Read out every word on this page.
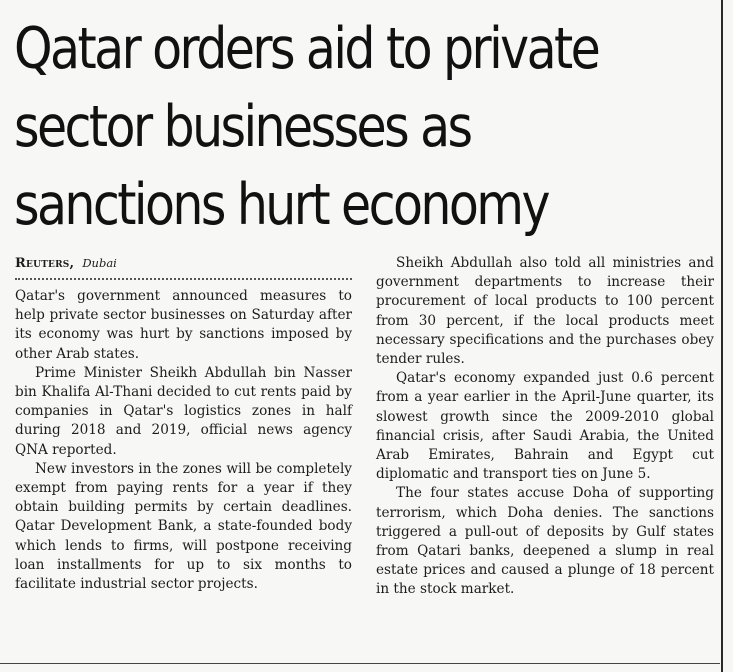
Qatar orders aid to private
sector businesses as
sanctions hurt economy
Reuters, Dubai

Qatar's government announced measures to help private sector businesses on Saturday after its economy was hurt by sanctions imposed by other Arab states.

Prime Minister Sheikh Abdullah bin Nasser bin Khalifa Al-Thani decided to cut rents paid by companies in Qatar's logistics zones in half during 2018 and 2019, official news agency QNA reported.

New investors in the zones will be completely exempt from paying rents for a year if they obtain building permits by certain deadlines. Qatar Development Bank, a state-founded body which lends to firms, will postpone receiving loan installments for up to six months to facilitate industrial sector projects.

Sheikh Abdullah also told all ministries and government departments to increase their procurement of local products to 100 percent from 30 percent, if the local products meet necessary specifications and the purchases obey tender rules.

Qatar's economy expanded just 0.6 percent from a year earlier in the April-June quarter, its slowest growth since the 2009-2010 global financial crisis, after Saudi Arabia, the United Arab Emirates, Bahrain and Egypt cut diplomatic and transport ties on June 5.

The four states accuse Doha of supporting terrorism, which Doha denies. The sanctions triggered a pull-out of deposits by Gulf states from Qatari banks, deepened a slump in real estate prices and caused a plunge of 18 percent in the stock market.
